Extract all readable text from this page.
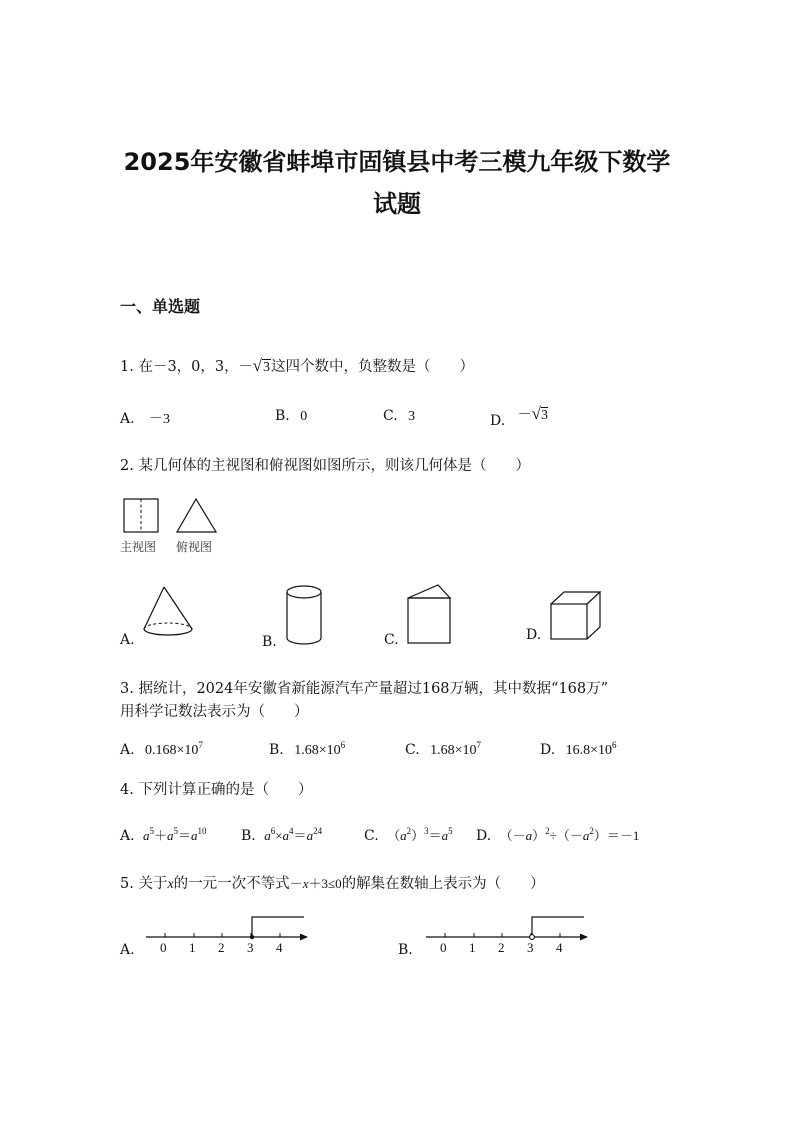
2025年安徽省蚌埠市固镇县中考三模九年级下数学
试题
一、单选题
1. 在－3，0，3，－√3这四个数中，负整数是（　　）
A. －3	B. 0	C. 3	D. －√3
2. 某几何体的主视图和俯视图如图所示，则该几何体是（　　）
主视图 俯视图
A.	B.	C.	D.
3. 据统计，2024年安徽省新能源汽车产量超过168万辆，其中数据“168万”
用科学记数法表示为（　　）
A. $0.168\times 10^7$	B. $1.68\times 10^6$	C. $1.68\times 10^7$	D. $16.8\times 10^6$
4. 下列计算正确的是（　　）
A. $a^5+a^5=a^{10}$ B. $a^6\times a^4=a^{24}$	C. $(a^2)^3=a^5$ D. $(-a)^2\div(-a^2)=-1$
5. 关于x的一元一次不等式－x＋3≤0的解集在数轴上表示为（　　）
A. 0 1 2 3 4	B. 0 1 2 3 4
